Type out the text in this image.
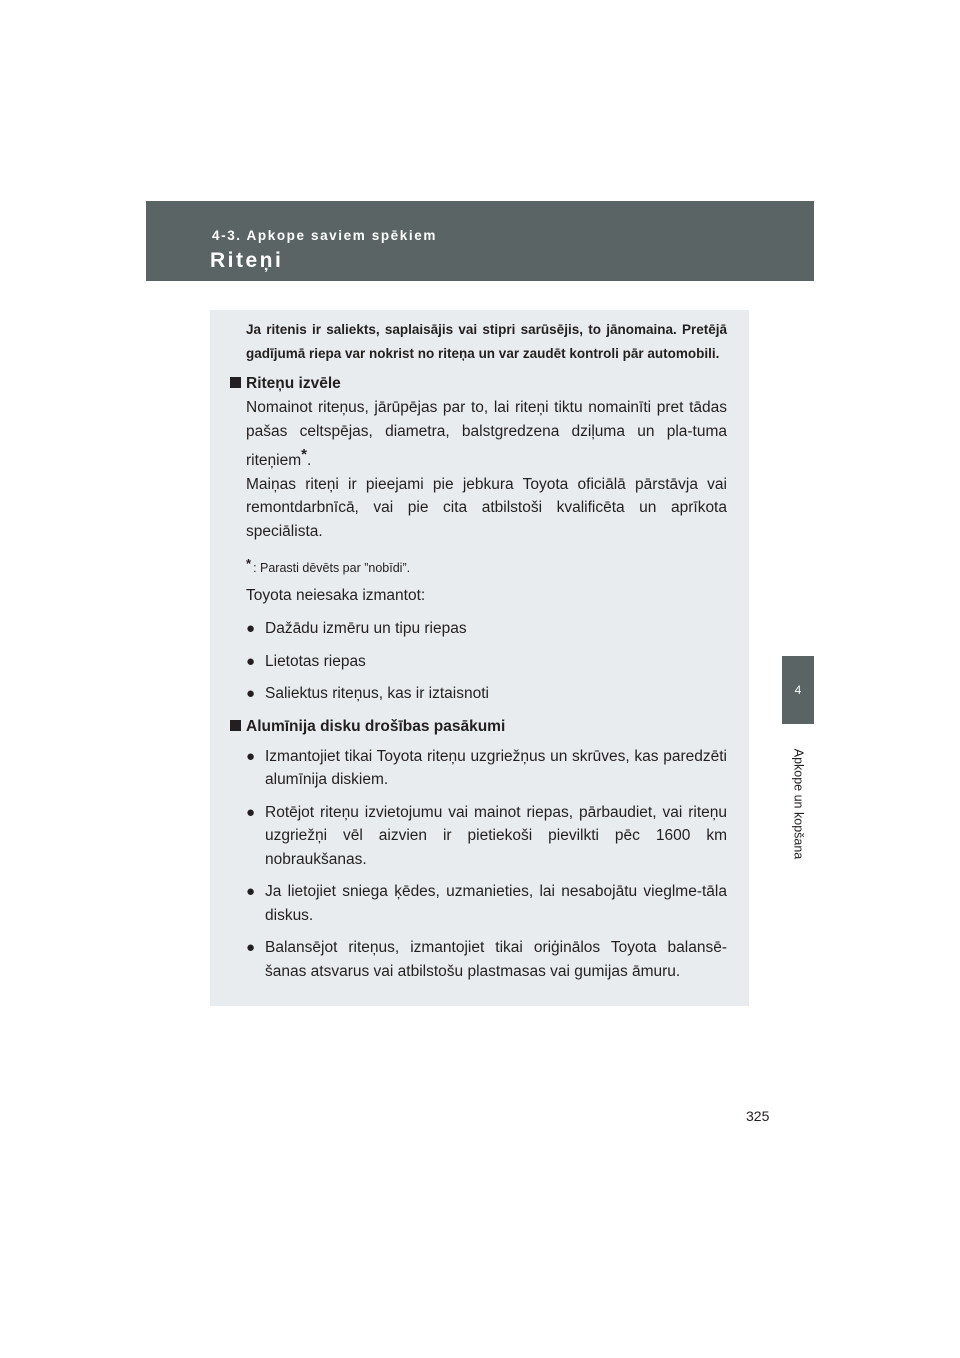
4-3. Apkope saviem spēkiem

Riteņi
4
Apkope un kopšana

Ja ritenis ir saliekts, saplaisājis vai stipri sarūsējis, to jānomaina. Pretējā gadījumā riepa var nokrist no riteņa un var zaudēt kontroli pār automobili.

Riteņu izvēle

Nomainot riteņus, jārūpējas par to, lai riteņi tiktu nomainīti pret tādas pašas celtspējas, diametra, balstgredzena dziļuma un pla-tuma riteņiem*.

Maiņas riteņi ir pieejami pie jebkura Toyota oficiālā pārstāvja vai remontdarbnīcā, vai pie cita atbilstoši kvalificēta un aprīkota speciālista.

* : Parasti dēvēts par ”nobīdi”.

Toyota neiesaka izmantot:

● Dažādu izmēru un tipu riepas
● Lietotas riepas
● Saliektus riteņus, kas ir iztaisnoti
Alumīnija disku drošības pasākumi
● Izmantojiet tikai Toyota riteņu uzgriežņus un skrūves, kas paredzēti alumīnija diskiem.
● Rotējot riteņu izvietojumu vai mainot riepas, pārbaudiet, vai riteņu uzgriežņi vēl aizvien ir pietiekoši pievilkti pēc 1600 km nobraukšanas.
● Ja lietojiet sniega ķēdes, uzmanieties, lai nesabojātu vieglme-tāla diskus.
● Balansējot riteņus, izmantojiet tikai oriģinālos Toyota balansē-šanas atsvarus vai atbilstošu plastmasas vai gumijas āmuru.
325
